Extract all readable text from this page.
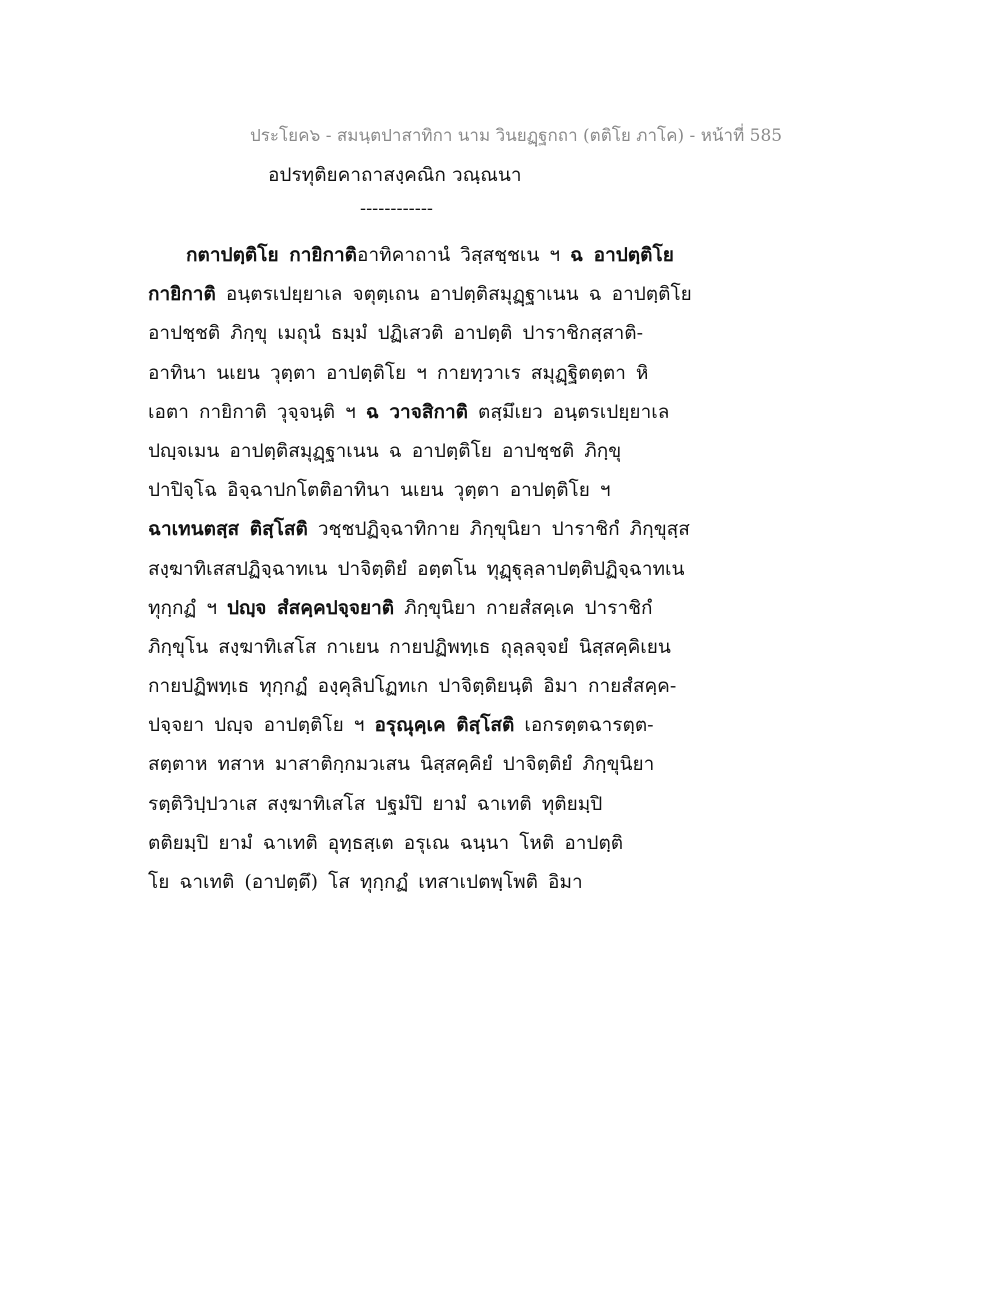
ประโยค๖ - สมนฺตปาสาทิกา นาม วินยฏฺฐกถา (ตติโย ภาโค) - หน้าที่ 585
อปรทุติยคาถาสงฺคณิก วณฺณนา
------------
กตาปตฺติโย กายิกาติอาทิคาถานํ วิสฺสชฺชเน ฯ ฉ อาปตฺติโย
กายิกาติ อนฺตรเปยฺยาเล จตุตฺเถน อาปตฺติสมุฏฺฐาเนน ฉ อาปตฺติโย
อาปชฺชติ ภิกฺขุ เมถุนํ ธมฺมํ ปฏิเสวติ อาปตฺติ ปาราชิกสฺสาติ-
อาทินา นเยน วุตฺตา อาปตฺติโย ฯ กายทฺวาเร สมุฏฺฐิตตฺตา หิ
เอตา กายิกาติ วุจฺจนฺติ ฯ ฉ วาจสิกาติ ตสฺมึเยว อนฺตรเปยฺยาเล
ปญฺจเมน อาปตฺติสมุฏฺฐาเนน ฉ อาปตฺติโย อาปชฺชติ ภิกฺขุ
ปาปิจฺโฉ อิจฺฉาปกโตติอาทินา นเยน วุตฺตา อาปตฺติโย ฯ
ฉาเทนตสฺส ติสฺโสติ วชฺชปฏิจฺฉาทิกาย ภิกฺขุนิยา ปาราชิกํ ภิกฺขุสฺส
สงฺฆาทิเสสปฏิจฺฉาทเน ปาจิตฺติยํ อตฺตโน ทุฏฺฐุลฺลาปตฺติปฏิจฺฉาทเน
ทุกฺกฏํ ฯ ปญฺจ สํสคฺคปจฺจยาติ ภิกฺขุนิยา กายสํสคฺเค ปาราชิกํ
ภิกฺขุโน สงฺฆาทิเสโส กาเยน กายปฏิพทฺเธ ถุลฺลจฺจยํ นิสฺสคฺคิเยน
กายปฏิพทฺเธ ทุกฺกฏํ องฺคุลิปโฏทเก ปาจิตฺติยนฺติ อิมา กายสํสคฺค-
ปจฺจยา ปญฺจ อาปตฺติโย ฯ อรุณุคฺเค ติสฺโสติ เอกรตฺตฉารตฺต-
สตฺตาห ทสาห มาสาติกฺกมวเสน นิสฺสคฺคิยํ ปาจิตฺติยํ ภิกฺขุนิยา
รตฺติวิปฺปวาเส สงฺฆาทิเสโส ปฐมํปิ ยามํ ฉาเทติ ทุติยมฺปิ
ตติยมฺปิ ยามํ ฉาเทติ อุทฺธสฺเต อรุเณ ฉนฺนา โหติ อาปตฺติ
โย ฉาเทติ (อาปตฺตึ) โส ทุกฺกฏํ เทสาเปตพฺโพติ อิมา
